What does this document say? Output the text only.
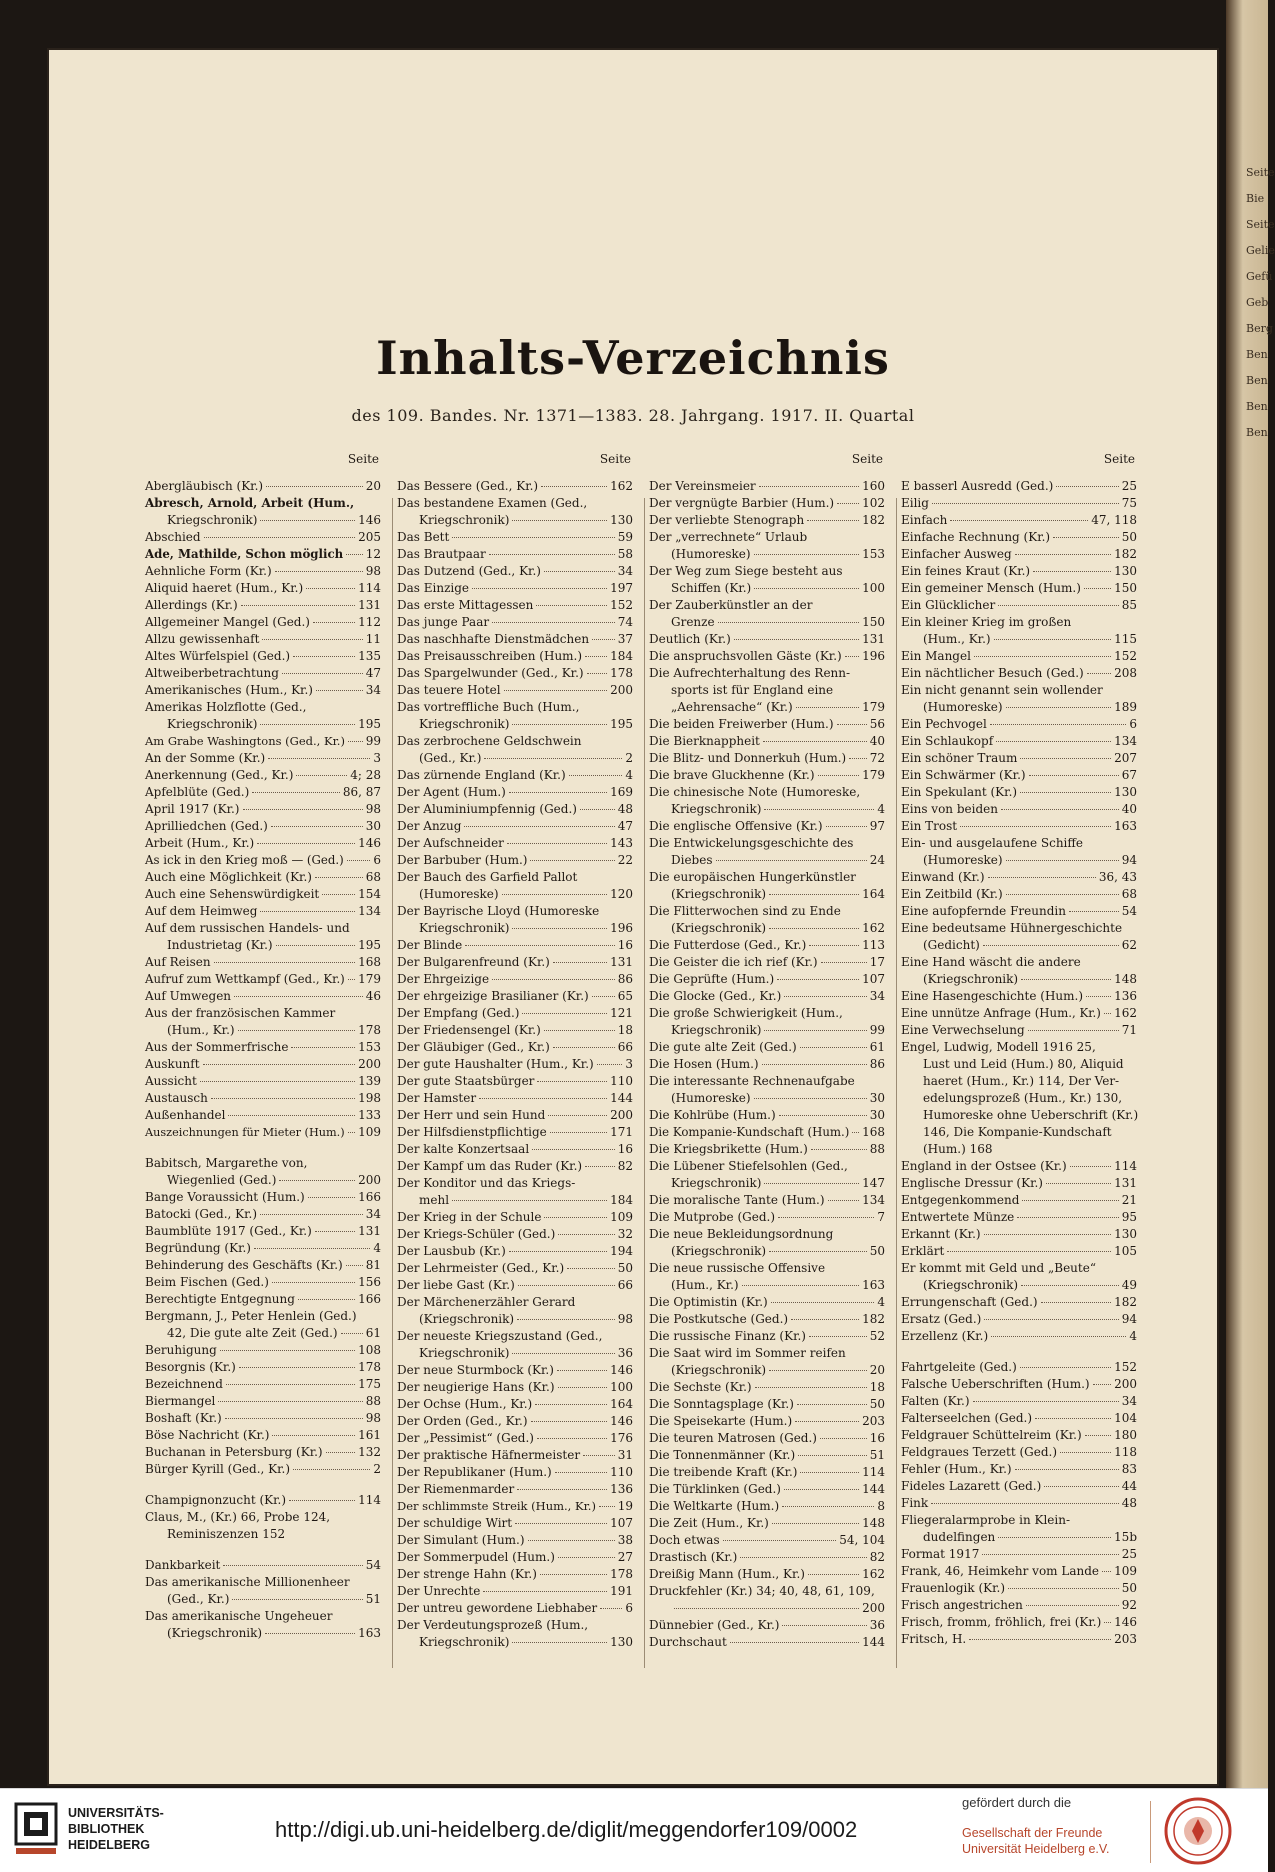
Inhalts-Verzeichnis
des 109. Bandes. Nr. 1371—1383. 28. Jahrgang. 1917. II. Quartal
Seite
Abergläubisch (Kr.)	20
Abresch, Arnold, Arbeit (Hum.,
Kriegschronik)	146
Abschied	205
Ade, Mathilde, Schon möglich 12
Aehnliche Form (Kr.)	98
Aliquid haeret (Hum., Kr.)	114
Allerdings (Kr.)	131
Allgemeiner Mangel (Ged.)	112
Allzu gewissenhaft	11
Altes Würfelspiel (Ged.)	135
Altweiberbetrachtung	47
Amerikanisches (Hum., Kr.)	34
Amerikas Holzflotte (Ged.,
Kriegschronik)	195
Am Grabe Washingtons (Ged., Kr.) 99
An der Somme (Kr.)	3
Anerkennung (Ged., Kr.)	4; 28
Apfelblüte (Ged.)	86, 87
April 1917 (Kr.)	98
Aprilliedchen (Ged.)	30
Arbeit (Hum., Kr.)	146
As ick in den Krieg moß — (Ged.) 6
Auch eine Möglichkeit (Kr.)	68
Auch eine Sehenswürdigkeit	154
Auf dem Heimweg	134
Auf dem russischen Handels- und
Industrietag (Kr.)	195
Auf Reisen	168
Aufruf zum Wettkampf (Ged., Kr.) 179
Auf Umwegen	46
Aus der französischen Kammer
(Hum., Kr.)	178
Aus der Sommerfrische	153
Auskunft	200
Aussicht	139
Austausch	198
Außenhandel	133
Auszeichnungen für Mieter (Hum.) 109
Babitsch, Margarethe von,
Wiegenlied (Ged.)	200
Bange Voraussicht (Hum.)	166
Batocki (Ged., Kr.)	34
Baumblüte 1917 (Ged., Kr.)	131
Begründung (Kr.)	4
Behinderung des Geschäfts (Kr.) 81
Beim Fischen (Ged.)	156
Berechtigte Entgegnung	166
Bergmann, J., Peter Henlein (Ged.)
42, Die gute alte Zeit (Ged.) 61
Beruhigung	108
Besorgnis (Kr.)	178
Bezeichnend	175
Biermangel	88
Boshaft (Kr.)	98
Böse Nachricht (Kr.)	161
Buchanan in Petersburg (Kr.)	132
Bürger Kyrill (Ged., Kr.)	2
Champignonzucht (Kr.)	114
Claus, M., (Kr.) 66, Probe 124,
Reminiszenzen 152
Dankbarkeit	54
Das amerikanische Millionenheer
(Ged., Kr.)	51
Das amerikanische Ungeheuer
(Kriegschronik)	163
Seite
Das Bessere (Ged., Kr.)	162
Das bestandene Examen (Ged.,
Kriegschronik)	130
Das Bett	59
Das Brautpaar	58
Das Dutzend (Ged., Kr.)	34
Das Einzige	197
Das erste Mittagessen	152
Das junge Paar	74
Das naschhafte Dienstmädchen 37
Das Preisausschreiben (Hum.) 184
Das Spargelwunder (Ged., Kr.) 178
Das teuere Hotel	200
Das vortreffliche Buch (Hum.,
Kriegschronik)	195
Das zerbrochene Geldschwein
(Ged., Kr.)	2
Das zürnende England (Kr.)	4
Der Agent (Hum.)	169
Der Aluminiumpfennig (Ged.)	48
Der Anzug	47
Der Aufschneider	143
Der Barbuber (Hum.)	22
Der Bauch des Garfield Pallot
(Humoreske)	120
Der Bayrische Lloyd (Humoreske
Kriegschronik)	196
Der Blinde	16
Der Bulgarenfreund (Kr.)	131
Der Ehrgeizige	86
Der ehrgeizige Brasilianer (Kr.) 65
Der Empfang (Ged.)	121
Der Friedensengel (Kr.)	18
Der Gläubiger (Ged., Kr.)	66
Der gute Haushalter (Hum., Kr.)	3
Der gute Staatsbürger	110
Der Hamster	144
Der Herr und sein Hund	200
Der Hilfsdienstpflichtige	171
Der kalte Konzertsaal	16
Der Kampf um das Ruder (Kr.)	82
Der Konditor und das Kriegs-
mehl	184
Der Krieg in der Schule	109
Der Kriegs-Schüler (Ged.)	32
Der Lausbub (Kr.)	194
Der Lehrmeister (Ged., Kr.)	50
Der liebe Gast (Kr.)	66
Der Märchenerzähler Gerard
(Kriegschronik)	98
Der neueste Kriegszustand (Ged.,
Kriegschronik)	36
Der neue Sturmbock (Kr.)	146
Der neugierige Hans (Kr.)	100
Der Ochse (Hum., Kr.)	164
Der Orden (Ged., Kr.)	146
Der „Pessimist“ (Ged.)	176
Der praktische Häfnermeister	31
Der Republikaner (Hum.)	110
Der Riemenmarder	136
Der schlimmste Streik (Hum., Kr.) 19
Der schuldige Wirt	107
Der Simulant (Hum.)	38
Der Sommerpudel (Hum.)	27
Der strenge Hahn (Kr.)	178
Der Unrechte	191
Der untreu gewordene Liebhaber 6
Der Verdeutungsprozeß (Hum.,
Kriegschronik)	130
Seite
Der Vereinsmeier	160
Der vergnügte Barbier (Hum.) 102
Der verliebte Stenograph	182
Der „verrechnete“ Urlaub
(Humoreske)	153
Der Weg zum Siege besteht aus
Schiffen (Kr.)	100
Der Zauberkünstler an der
Grenze	150
Deutlich (Kr.)	131
Die anspruchsvollen Gäste (Kr.) 196
Die Aufrechterhaltung des Renn-
sports ist für England eine
„Aehrensache“ (Kr.)	179
Die beiden Freiwerber (Hum.)	56
Die Bierknappheit	40
Die Blitz- und Donnerkuh (Hum.) 72
Die brave Gluckhenne (Kr.)	179
Die chinesische Note (Humoreske,
Kriegschronik)	4
Die englische Offensive (Kr.)	97
Die Entwickelungsgeschichte des
Diebes	24
Die europäischen Hungerkünstler
(Kriegschronik)	164
Die Flitterwochen sind zu Ende
(Kriegschronik)	162
Die Futterdose (Ged., Kr.)	113
Die Geister die ich rief (Kr.)	17
Die Geprüfte (Hum.)	107
Die Glocke (Ged., Kr.)	34
Die große Schwierigkeit (Hum.,
Kriegschronik)	99
Die gute alte Zeit (Ged.)	61
Die Hosen (Hum.)	86
Die interessante Rechnenaufgabe
(Humoreske)	30
Die Kohlrübe (Hum.)	30
Die Kompanie-Kundschaft (Hum.) 168
Die Kriegsbrikette (Hum.)	88
Die Lübener Stiefelsohlen (Ged.,
Kriegschronik)	147
Die moralische Tante (Hum.)	134
Die Mutprobe (Ged.)	7
Die neue Bekleidungsordnung
(Kriegschronik)	50
Die neue russische Offensive
(Hum., Kr.)	163
Die Optimistin (Kr.)	4
Die Postkutsche (Ged.)	182
Die russische Finanz (Kr.)	52
Die Saat wird im Sommer reifen
(Kriegschronik)	20
Die Sechste (Kr.)	18
Die Sonntagsplage (Kr.)	50
Die Speisekarte (Hum.)	203
Die teuren Matrosen (Ged.)	16
Die Tonnenmänner (Kr.)	51
Die treibende Kraft (Kr.)	114
Die Türklinken (Ged.)	144
Die Weltkarte (Hum.)	8
Die Zeit (Hum., Kr.)	148
Doch etwas	54, 104
Drastisch (Kr.)	82
Dreißig Mann (Hum., Kr.)	162
Druckfehler (Kr.) 34; 40, 48, 61, 109,
200
Dünnebier (Ged., Kr.)	36
Durchschaut	144
Seite
E basserl Ausredd (Ged.)	25
Eilig	75
Einfach	47, 118
Einfache Rechnung (Kr.)	50
Einfacher Ausweg	182
Ein feines Kraut (Kr.)	130
Ein gemeiner Mensch (Hum.)	150
Ein Glücklicher	85
Ein kleiner Krieg im großen
(Hum., Kr.)	115
Ein Mangel	152
Ein nächtlicher Besuch (Ged.)	208
Ein nicht genannt sein wollender
(Humoreske)	189
Ein Pechvogel	6
Ein Schlaukopf	134
Ein schöner Traum	207
Ein Schwärmer (Kr.)	67
Ein Spekulant (Kr.)	130
Eins von beiden	40
Ein Trost	163
Ein- und ausgelaufene Schiffe
(Humoreske)	94
Einwand (Kr.)	36, 43
Ein Zeitbild (Kr.)	68
Eine aufopfernde Freundin	54
Eine bedeutsame Hühnergeschichte
(Gedicht)	62
Eine Hand wäscht die andere
(Kriegschronik)	148
Eine Hasengeschichte (Hum.)	136
Eine unnütze Anfrage (Hum., Kr.) 162
Eine Verwechselung	71
Engel, Ludwig, Modell 1916 25,
Lust und Leid (Hum.) 80, Aliquid
haeret (Hum., Kr.) 114, Der Ver-
edelungsprozeß (Hum., Kr.) 130,
Humoreske ohne Ueberschrift (Kr.)
146, Die Kompanie-Kundschaft
(Hum.) 168
England in der Ostsee (Kr.)	114
Englische Dressur (Kr.)	131
Entgegenkommend	21
Entwertete Münze	95
Erkannt (Kr.)	130
Erklärt	105
Er kommt mit Geld und „Beute“
(Kriegschronik)	49
Errungenschaft (Ged.)	182
Ersatz (Ged.)	94
Erzellenz (Kr.)	4
Fahrtgeleite (Ged.)	152
Falsche Ueberschriften (Hum.) 200
Falten (Kr.)	34
Falterseelchen (Ged.)	104
Feldgrauer Schüttelreim (Kr.)	180
Feldgraues Terzett (Ged.)	118
Fehler (Hum., Kr.)	83
Fideles Lazarett (Ged.)	44
Fink	48
Fliegeralarmprobe in Klein-
dudelfingen	15b
Format 1917	25
Frank, 46, Heimkehr vom Lande 109
Frauenlogik (Kr.)	50
Frisch angestrichen	92
Frisch, fromm, fröhlich, frei (Kr.) 146
Fritsch, H.	203
Seite
Bie
Seite
Gelie
Gefü
Geb
Berg
Ben
Ben
Ben
Ben
UNIVERSITÄTS-
BIBLIOTHEK
HEIDELBERG
http://digi.ub.uni-heidelberg.de/diglit/meggendorfer109/0002
gefördert durch die
Gesellschaft der Freunde
Universität Heidelberg e.V.
